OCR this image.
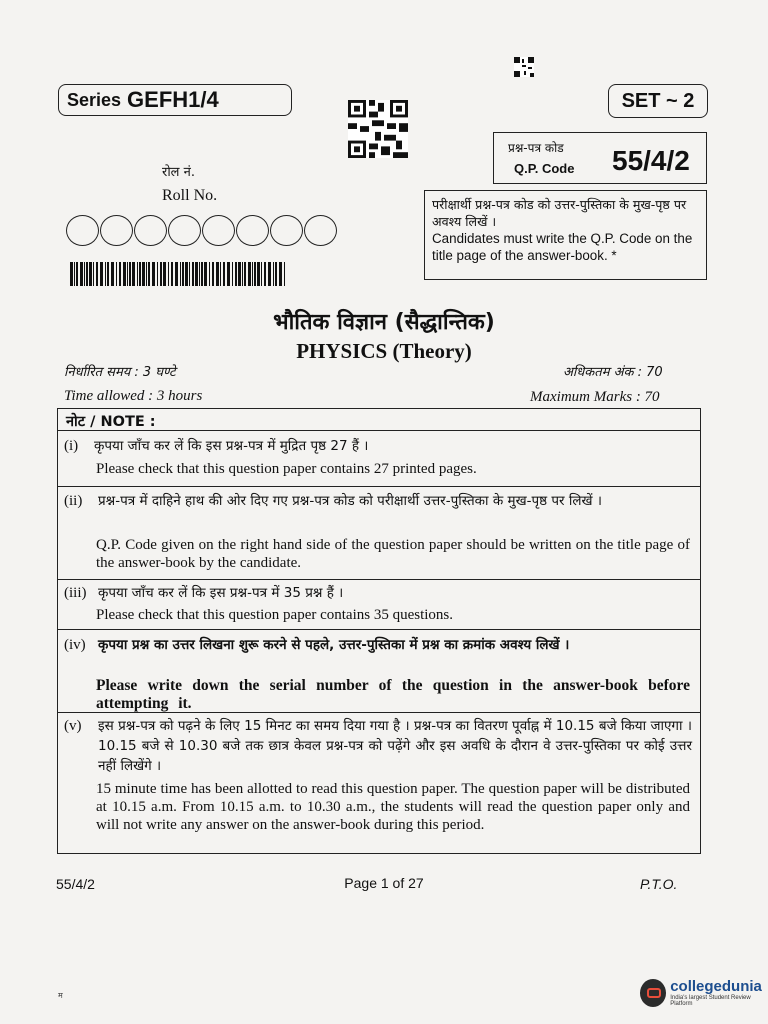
Series GEFH1/4	SET ~ 2
प्रश्न-पत्र कोड
Q.P. Code 55/4/2
रोल नं.
Roll No.
परीक्षार्थी प्रश्न-पत्र कोड को उत्तर-पुस्तिका के मुख-पृष्ठ पर अवश्य लिखें ।
Candidates must write the Q.P. Code on the title page of the answer-book. *
भौतिक विज्ञान (सैद्धान्तिक)
PHYSICS (Theory)
निर्धारित समय : 3 घण्टे	अधिकतम अंक : 70
Time allowed : 3 hours	Maximum Marks : 70
नोट / NOTE :
(i) कृपया जाँच कर लें कि इस प्रश्न-पत्र में मुद्रित पृष्ठ 27 हैं ।
Please check that this question paper contains 27 printed pages.
(ii) प्रश्न-पत्र में दाहिने हाथ की ओर दिए गए प्रश्न-पत्र कोड को परीक्षार्थी उत्तर-पुस्तिका के मुख-पृष्ठ पर लिखें ।
Q.P. Code given on the right hand side of the question paper should be written on the title page of the answer-book by the candidate.
(iii) कृपया जाँच कर लें कि इस प्रश्न-पत्र में 35 प्रश्न हैं ।
Please check that this question paper contains 35 questions.
(iv) कृपया प्रश्न का उत्तर लिखना शुरू करने से पहले, उत्तर-पुस्तिका में प्रश्न का क्रमांक अवश्य लिखें ।
Please write down the serial number of the question in the answer-book before attempting it.
(v) इस प्रश्न-पत्र को पढ़ने के लिए 15 मिनट का समय दिया गया है । प्रश्न-पत्र का वितरण पूर्वाह्न में 10.15 बजे किया जाएगा । 10.15 बजे से 10.30 बजे तक छात्र केवल प्रश्न-पत्र को पढ़ेंगे और इस अवधि के दौरान वे उत्तर-पुस्तिका पर कोई उत्तर नहीं लिखेंगे ।
15 minute time has been allotted to read this question paper. The question paper will be distributed at 10.15 a.m. From 10.15 a.m. to 10.30 a.m., the students will read the question paper only and will not write any answer on the answer-book during this period.
55/4/2	Page 1 of 27	P.T.O.
म
collegedunia
India's largest Student Review Platform
